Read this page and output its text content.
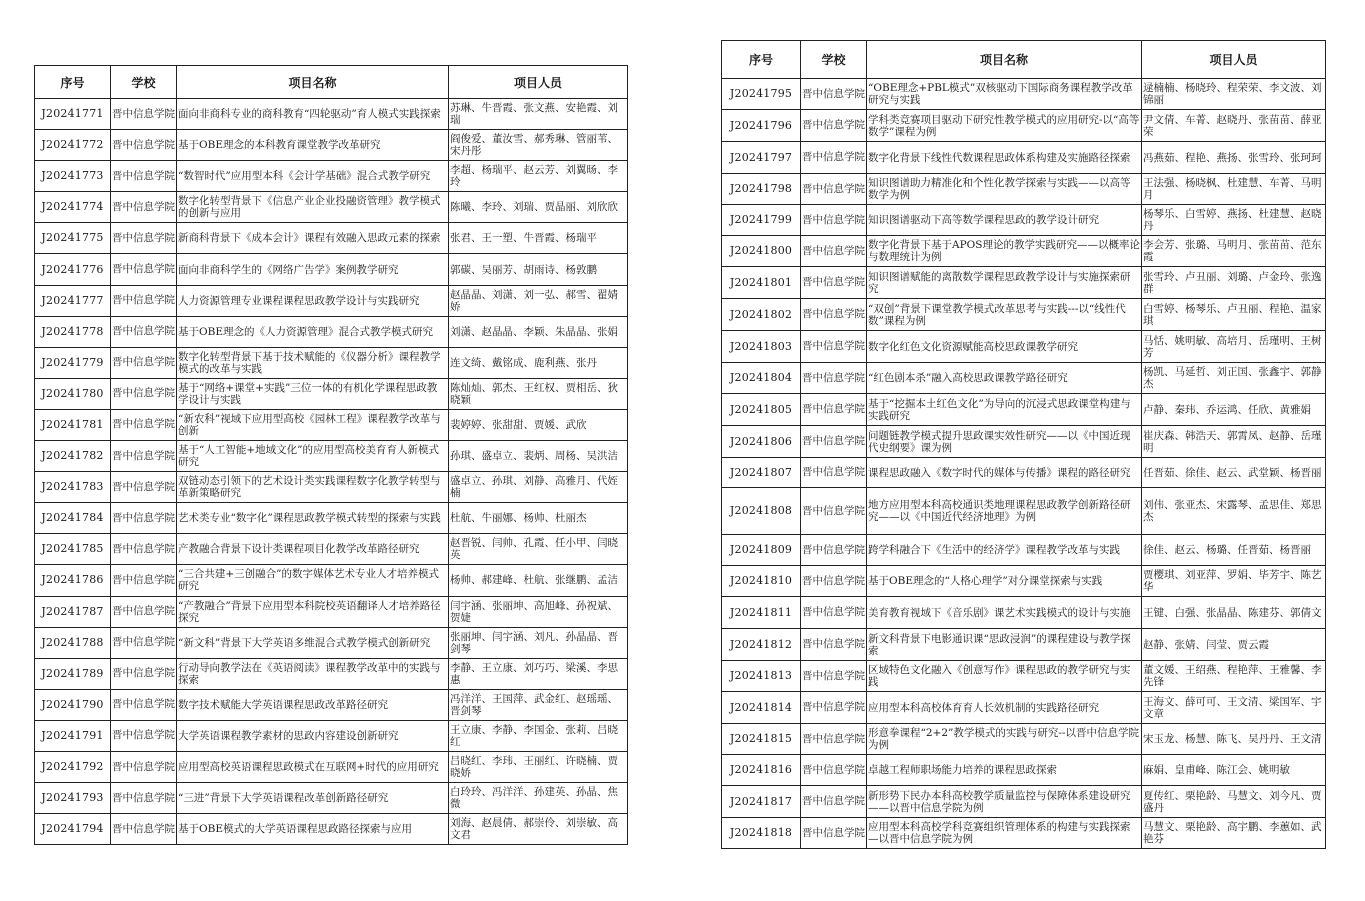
序号	学校	项目名称	项目人员
J20241771	晋中信息学院	面向非商科专业的商科教育“四轮驱动”育人模式实践探索	苏琳、牛晋霞、张文燕、安艳霞、刘瑞
J20241772	晋中信息学院	基于OBE理念的本科教育课堂教学改革研究	阎俊爱、董汝雪、郝秀琳、管丽苇、宋丹彤
J20241773	晋中信息学院	“数智时代”应用型本科《会计学基础》混合式教学研究	李超、杨瑞平、赵云芳、刘翼旸、李玲
J20241774	晋中信息学院	数字化转型背景下《信息产业企业投融资管理》教学模式的创新与应用	陈曦、李玲、刘瑞、贾晶丽、刘欣欣
J20241775	晋中信息学院	新商科背景下《成本会计》课程有效融入思政元素的探索	张君、王一塑、牛晋霞、杨瑞平
J20241776	晋中信息学院	面向非商科学生的《网络广告学》案例教学研究	郭碳、吴丽芳、胡雨诗、杨敦鹏
J20241777	晋中信息学院	人力资源管理专业课程课程思政教学设计与实践研究	赵晶晶、刘潇、刘一弘、郝雪、翟婧娇
J20241778	晋中信息学院	基于OBE理念的《人力资源管理》混合式教学模式研究	刘潇、赵晶晶、李颖、朱晶晶、张娟
J20241779	晋中信息学院	数字化转型背景下基于技术赋能的《仪器分析》课程教学模式的改革与实践	连文绮、戴铭成、鹿利燕、张丹
J20241780	晋中信息学院	基于“网络+课堂+实践”三位一体的有机化学课程思政教学设计与实践	陈灿灿、郭杰、王红权、贾相岳、狄晓颖
J20241781	晋中信息学院	“新农科”视域下应用型高校《园林工程》课程教学改革与创新	裴婷婷、张甜甜、贾媛、武欣
J20241782	晋中信息学院	基于“人工智能+地域文化”的应用型高校美育育人新模式研究	孙琪、盛卓立、裴炳、周杨、吴洪洁
J20241783	晋中信息学院	双链动态引领下的艺术设计类实践课程数字化教学转型与革新策略研究	盛卓立、孙琪、刘静、高雅月、代姪楠
J20241784	晋中信息学院	艺术类专业“数字化”课程思政教学模式转型的探索与实践	杜航、牛丽娜、杨帅、杜丽杰
J20241785	晋中信息学院	产教融合背景下设计类课程项目化教学改革路径研究	赵晋锐、闫帅、孔霞、任小甲、闫晓英
J20241786	晋中信息学院	“三合共建+三创融合”的数字媒体艺术专业人才培养模式研究	杨帅、郝建峰、杜航、张继鹏、孟洁
J20241787	晋中信息学院	“产教融合”背景下应用型本科院校英语翻译人才培养路径探究	闫宇涵、张丽坤、高旭峰、孙祝斌、贺婕
J20241788	晋中信息学院	“新文科”背景下大学英语多维混合式教学模式创新研究	张丽坤、闫宇涵、刘凡、孙晶晶、晋剑琴
J20241789	晋中信息学院	行动导向教学法在《英语阅读》课程教学改革中的实践与探索	李静、王立康、刘巧巧、梁溪、李思惠
J20241790	晋中信息学院	数字技术赋能大学英语课程思政改革路径研究	冯洋洋、王国萍、武金红、赵瑶瑶、晋剑琴
J20241791	晋中信息学院	大学英语课程教学素材的思政内容建设创新研究	王立康、李静、李国金、张莉、吕晓红
J20241792	晋中信息学院	应用型高校英语课程思政模式在互联网+时代的应用研究	吕晓红、李玮、王丽红、许晓楠、贾晓娇
J20241793	晋中信息学院	“三进”背景下大学英语课程改革创新路径研究	白玲玲、冯洋洋、孙建英、孙晶、焦微
J20241794	晋中信息学院	基于OBE模式的大学英语课程思政路径探索与应用	刘海、赵晨倩、郝崇伶、刘崇敏、高文君
序号	学校	项目名称	项目人员
J20241795	晋中信息学院	“OBE理念+PBL模式”双核驱动下国际商务课程教学改革研究与实践	逯楠楠、杨晓玲、程荣荣、李文波、刘锦丽
J20241796	晋中信息学院	学科类竞赛项目驱动下研究性教学模式的应用研究-以“高等数学”课程为例	尹文倩、车菁、赵晓丹、张苗苗、薛亚荣
J20241797	晋中信息学院	数字化背景下线性代数课程思政体系构建及实施路径探索	冯燕茹、程艳、燕扬、张雪玲、张珂珂
J20241798	晋中信息学院	知识图谱助力精准化和个性化教学探索与实践——以高等数学为例	王法强、杨晓枫、杜建慧、车菁、马明月
J20241799	晋中信息学院	知识图谱驱动下高等数学课程思政的教学设计研究	杨琴乐、白雪婷、燕扬、杜建慧、赵晓丹
J20241800	晋中信息学院	数字化背景下基于APOS理论的教学实践研究——以概率论与数理统计为例	李会芳、张璐、马明月、张苗苗、范东霞
J20241801	晋中信息学院	知识图谱赋能的离散数学课程思政教学设计与实施探索研究	张雪玲、卢丑丽、刘璐、卢金玲、张逸群
J20241802	晋中信息学院	“双创”背景下课堂教学模式改革思考与实践---以“线性代数”课程为例	白雪婷、杨琴乐、卢丑丽、程艳、温家琪
J20241803	晋中信息学院	数字化红色文化资源赋能高校思政课教学研究	马恬、姚明敏、高培月、岳瑾明、王树芳
J20241804	晋中信息学院	“红色剧本杀”融入高校思政课教学路径研究	杨凯、马延哲、刘正国、张鑫宇、郭静杰
J20241805	晋中信息学院	基于“挖掘本土红色文化”为导向的沉浸式思政课堂构建与实践研究	卢静、秦玮、乔运鸿、任欣、黄雅娟
J20241806	晋中信息学院	问题链教学模式提升思政课实效性研究——以《中国近现代史纲要》课为例	崔庆森、韩浩天、郭霄凤、赵静、岳瑾明
J20241807	晋中信息学院	课程思政融入《数字时代的媒体与传播》课程的路径研究	任晋茹、徐佳、赵云、武堂颖、杨晋丽
J20241808	晋中信息学院	地方应用型本科高校通识类地理课程思政教学创新路径研究——以《中国近代经济地理》为例	刘伟、张亚杰、宋露琴、孟思佳、郑思杰
J20241809	晋中信息学院	跨学科融合下《生活中的经济学》课程教学改革与实践	徐佳、赵云、杨璐、任晋茹、杨晋丽
J20241810	晋中信息学院	基于OBE理念的“人格心理学”对分课堂探索与实践	贾樱琪、刘亚萍、罗娟、毕芳宇、陈艺华
J20241811	晋中信息学院	美育教育视域下《音乐剧》课艺术实践模式的设计与实施	王键、白强、张晶晶、陈建芬、郭倩文
J20241812	晋中信息学院	新文科背景下电影通识课“思政浸润”的课程建设与教学探索	赵静、张婧、闫莹、贾云霞
J20241813	晋中信息学院	区域特色文化融入《创意写作》课程思政的教学研究与实践	董文媛、王绍燕、程艳萍、王雅馨、李先锋
J20241814	晋中信息学院	应用型本科高校体育育人长效机制的实践路径研究	王海文、薛可可、王文清、梁国军、宇文章
J20241815	晋中信息学院	形意拳课程“2+2”教学模式的实践与研究--以晋中信息学院为例	宋玉龙、杨慧、陈飞、吴丹丹、王文清
J20241816	晋中信息学院	卓越工程师职场能力培养的课程思政探索	麻娟、皇甫峰、陈江会、姚明敏
J20241817	晋中信息学院	新形势下民办本科高校教学质量监控与保障体系建设研究——以晋中信息学院为例	夏传红、栗艳龄、马慧文、刘今凡、贾盛丹
J20241818	晋中信息学院	应用型本科高校学科竞赛组织管理体系的构建与实践探索—以晋中信息学院为例	马慧文、栗艳龄、高宇鹏、李蕙如、武艳芬
